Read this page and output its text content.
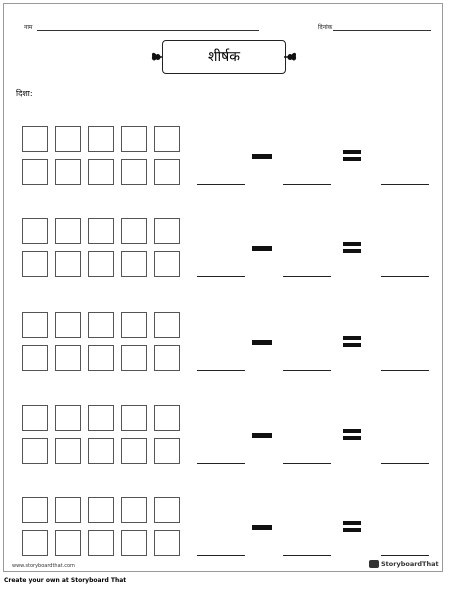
नाम	दिनांक
शीर्षक
दिशा:
www.storyboardthat.com	StoryboardThat
Create your own at Storyboard That
